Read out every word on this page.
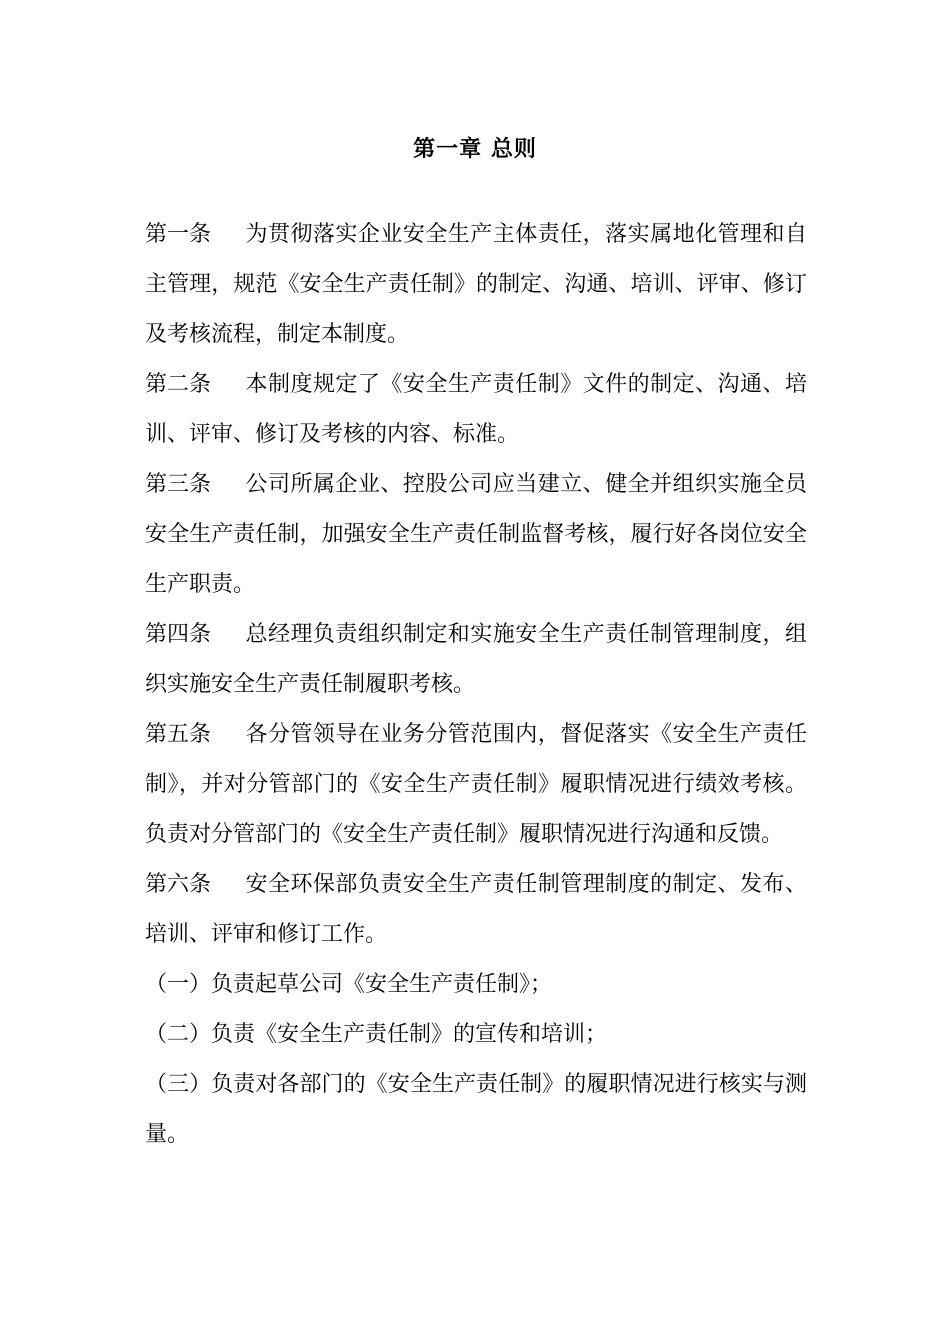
第一章 总则

第一条 为贯彻落实企业安全生产主体责任，落实属地化管理和自主管理，规范《安全生产责任制》的制定、沟通、培训、评审、修订及考核流程，制定本制度。

第二条 本制度规定了《安全生产责任制》文件的制定、沟通、培训、评审、修订及考核的内容、标准。

第三条 公司所属企业、控股公司应当建立、健全并组织实施全员安全生产责任制，加强安全生产责任制监督考核，履行好各岗位安全生产职责。

第四条 总经理负责组织制定和实施安全生产责任制管理制度，组织实施安全生产责任制履职考核。

第五条 各分管领导在业务分管范围内，督促落实《安全生产责任制》，并对分管部门的《安全生产责任制》履职情况进行绩效考核。负责对分管部门的《安全生产责任制》履职情况进行沟通和反馈。

第六条 安全环保部负责安全生产责任制管理制度的制定、发布、培训、评审和修订工作。

（一）负责起草公司《安全生产责任制》；

（二）负责《安全生产责任制》的宣传和培训；

（三）负责对各部门的《安全生产责任制》的履职情况进行核实与测量。
